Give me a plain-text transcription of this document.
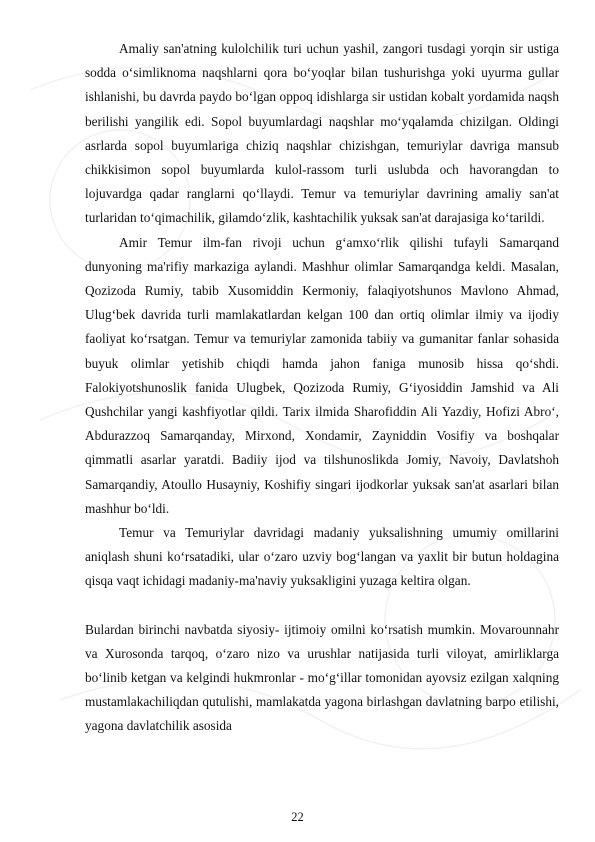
Amaliy san'atning kulolchilik turi uchun yashil, zangori tusdagi yorqin sir ustiga sodda o‘simliknoma naqshlarni qora bo‘yoqlar bilan tushurishga yoki uyurma gullar ishlanishi, bu davrda paydo bo‘lgan oppoq idishlarga sir ustidan kobalt yordamida naqsh berilishi yangilik edi. Sopol buyumlardagi naqshlar mo‘yqalamda chizilgan. Oldingi asrlarda sopol buyumlariga chiziq naqshlar chizishgan, temuriylar davriga mansub chikkisimon sopol buyumlarda kulol-rassom turli uslubda och havorangdan to lojuvardga qadar ranglarni qo‘llaydi. Temur va temuriylar davrining amaliy san'at turlaridan to‘qimachilik, gilamdo‘zlik, kashtachilik yuksak san'at darajasiga ko‘tarildi.

Amir Temur ilm-fan rivoji uchun g‘amxo‘rlik qilishi tufayli Samarqand dunyoning ma'rifiy markaziga aylandi. Mashhur olimlar Samarqandga keldi. Masalan, Qozizoda Rumiy, tabib Xusomiddin Kermoniy, falaqiyotshunos Mavlono Ahmad, Ulug‘bek davrida turli mamlakatlardan kelgan 100 dan ortiq olimlar ilmiy va ijodiy faoliyat ko‘rsatgan. Temur va temuriylar zamonida tabiiy va gumanitar fanlar sohasida buyuk olimlar yetishib chiqdi hamda jahon faniga munosib hissa qo‘shdi. Falokiyotshunoslik fanida Ulugbek, Qozizoda Rumiy, G‘iyosiddin Jamshid va Ali Qushchilar yangi kashfiyotlar qildi. Tarix ilmida Sharofiddin Ali Yazdiy, Hofizi Abro‘, Abdurazzoq Samarqanday, Mirxond, Xondamir, Zayniddin Vosifiy va boshqalar qimmatli asarlar yaratdi. Badiiy ijod va tilshunoslikda Jomiy, Navoiy, Davlatshoh Samarqandiy, Atoullo Husayniy, Koshifiy singari ijodkorlar yuksak san'at asarlari bilan mashhur bo‘ldi.

Temur va Temuriylar davridagi madaniy yuksalishning umumiy omillarini aniqlash shuni ko‘rsatadiki, ular o‘zaro uzviy bog‘langan va yaxlit bir butun holdagina qisqa vaqt ichidagi madaniy-ma'naviy yuksakligini yuzaga keltira olgan.

Bulardan birinchi navbatda siyosiy- ijtimoiy omilni ko‘rsatish mumkin. Movarounnahr va Xurosonda tarqoq, o‘zaro nizo va urushlar natijasida turli viloyat, amirliklarga bo‘linib ketgan va kelgindi hukmronlar - mo‘g‘illar tomonidan ayovsiz ezilgan xalqning mustamlakachiliqdan qutulishi, mamlakatda yagona birlashgan davlatning barpo etilishi, yagona davlatchilik asosida

22
